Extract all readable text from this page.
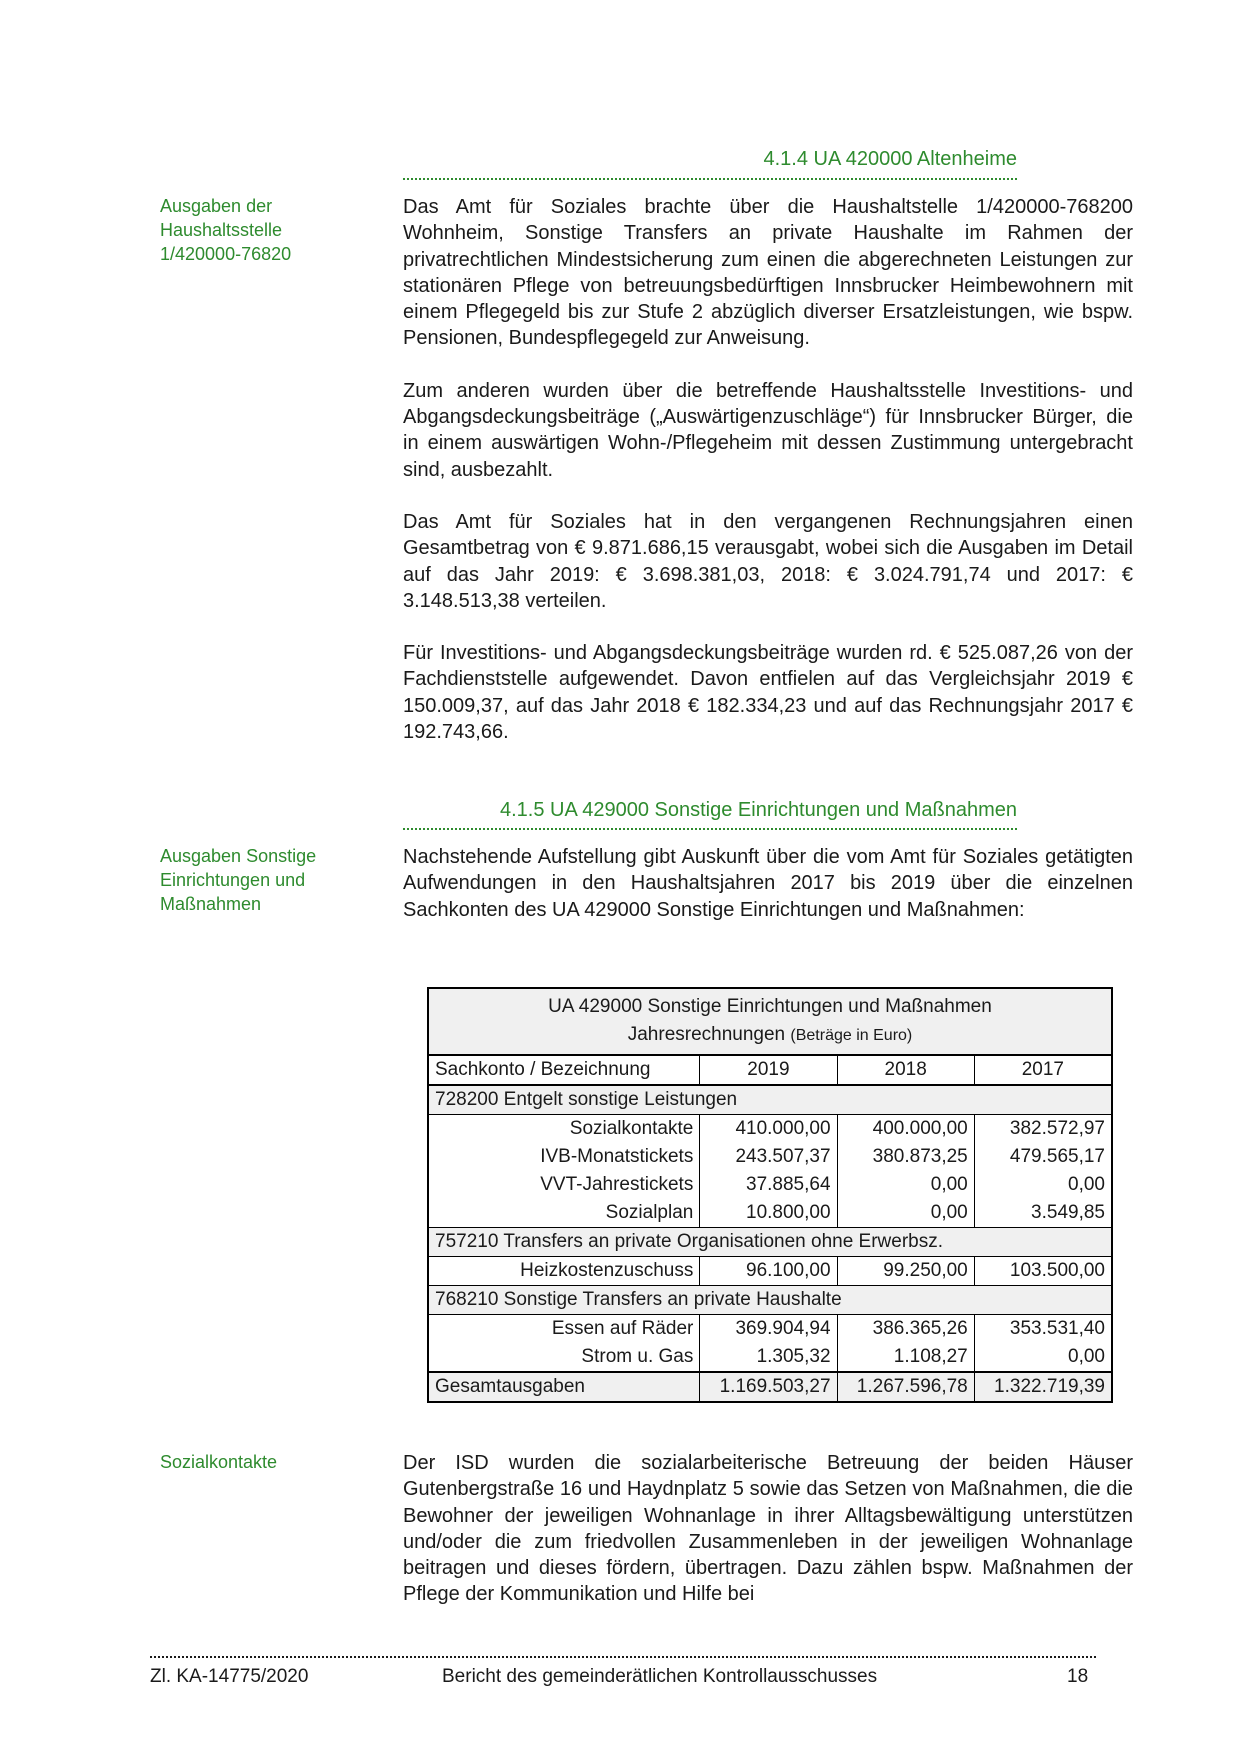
4.1.4 UA 420000 Altenheime
Ausgaben der
Haushaltsstelle
1/420000-76820

Das Amt für Soziales brachte über die Haushaltstelle 1/420000-768200 Wohnheim, Sonstige Transfers an private Haushalte im Rahmen der privatrechtlichen Mindestsicherung zum einen die abgerechneten Leistungen zur stationären Pflege von betreuungsbedürftigen Innsbrucker Heimbewohnern mit einem Pflegegeld bis zur Stufe 2 abzüglich diverser Ersatzleistungen, wie bspw. Pensionen, Bundespflegegeld zur Anweisung.

Zum anderen wurden über die betreffende Haushaltsstelle Investitions- und Abgangsdeckungsbeiträge („Auswärtigenzuschläge“) für Innsbrucker Bürger, die in einem auswärtigen Wohn-/Pflegeheim mit dessen Zustimmung untergebracht sind, ausbezahlt.

Das Amt für Soziales hat in den vergangenen Rechnungsjahren einen Gesamtbetrag von € 9.871.686,15 verausgabt, wobei sich die Ausgaben im Detail auf das Jahr 2019: € 3.698.381,03, 2018: € 3.024.791,74 und 2017: € 3.148.513,38 verteilen.

Für Investitions- und Abgangsdeckungsbeiträge wurden rd. € 525.087,26 von der Fachdienststelle aufgewendet. Davon entfielen auf das Vergleichsjahr 2019 € 150.009,37, auf das Jahr 2018 € 182.334,23 und auf das Rechnungsjahr 2017 € 192.743,66.

4.1.5 UA 429000 Sonstige Einrichtungen und Maßnahmen
Ausgaben Sonstige
Einrichtungen und
Maßnahmen

Nachstehende Aufstellung gibt Auskunft über die vom Amt für Soziales getätigten Aufwendungen in den Haushaltsjahren 2017 bis 2019 über die einzelnen Sachkonten des UA 429000 Sonstige Einrichtungen und Maßnahmen:

UA 429000 Sonstige Einrichtungen und Maßnahmen
Jahresrechnungen (Beträge in Euro)			

Sachkonto / Bezeichnung	2019	2018	2017
728200 Entgelt sonstige Leistungen			
Sozialkontakte	410.000,00	400.000,00	382.572,97
IVB-Monatstickets	243.507,37	380.873,25	479.565,17
VVT-Jahrestickets	37.885,64	0,00	0,00
Sozialplan	10.800,00	0,00	3.549,85
757210 Transfers an private Organisationen ohne Erwerbsz.			
Heizkostenzuschuss	96.100,00	99.250,00	103.500,00
768210 Sonstige Transfers an private Haushalte			
Essen auf Räder	369.904,94	386.365,26	353.531,40
Strom u. Gas	1.305,32	1.108,27	0,00
Gesamtausgaben	1.169.503,27	1.267.596,78	1.322.719,39
Sozialkontakte	Der ISD wurden die sozialarbeiterische Betreuung der beiden Häuser Gutenbergstraße 16 und Haydnplatz 5 sowie das Setzen von Maßnahmen, die die Bewohner der jeweiligen Wohnanlage in ihrer Alltagsbewältigung unterstützen und/oder die zum friedvollen Zusammenleben in der jeweiligen Wohnanlage beitragen und dieses fördern, übertragen. Dazu zählen bspw. Maßnahmen der Pflege der Kommunikation und Hilfe bei

Zl. KA-14775/2020	Bericht des gemeinderätlichen Kontrollausschusses	18
